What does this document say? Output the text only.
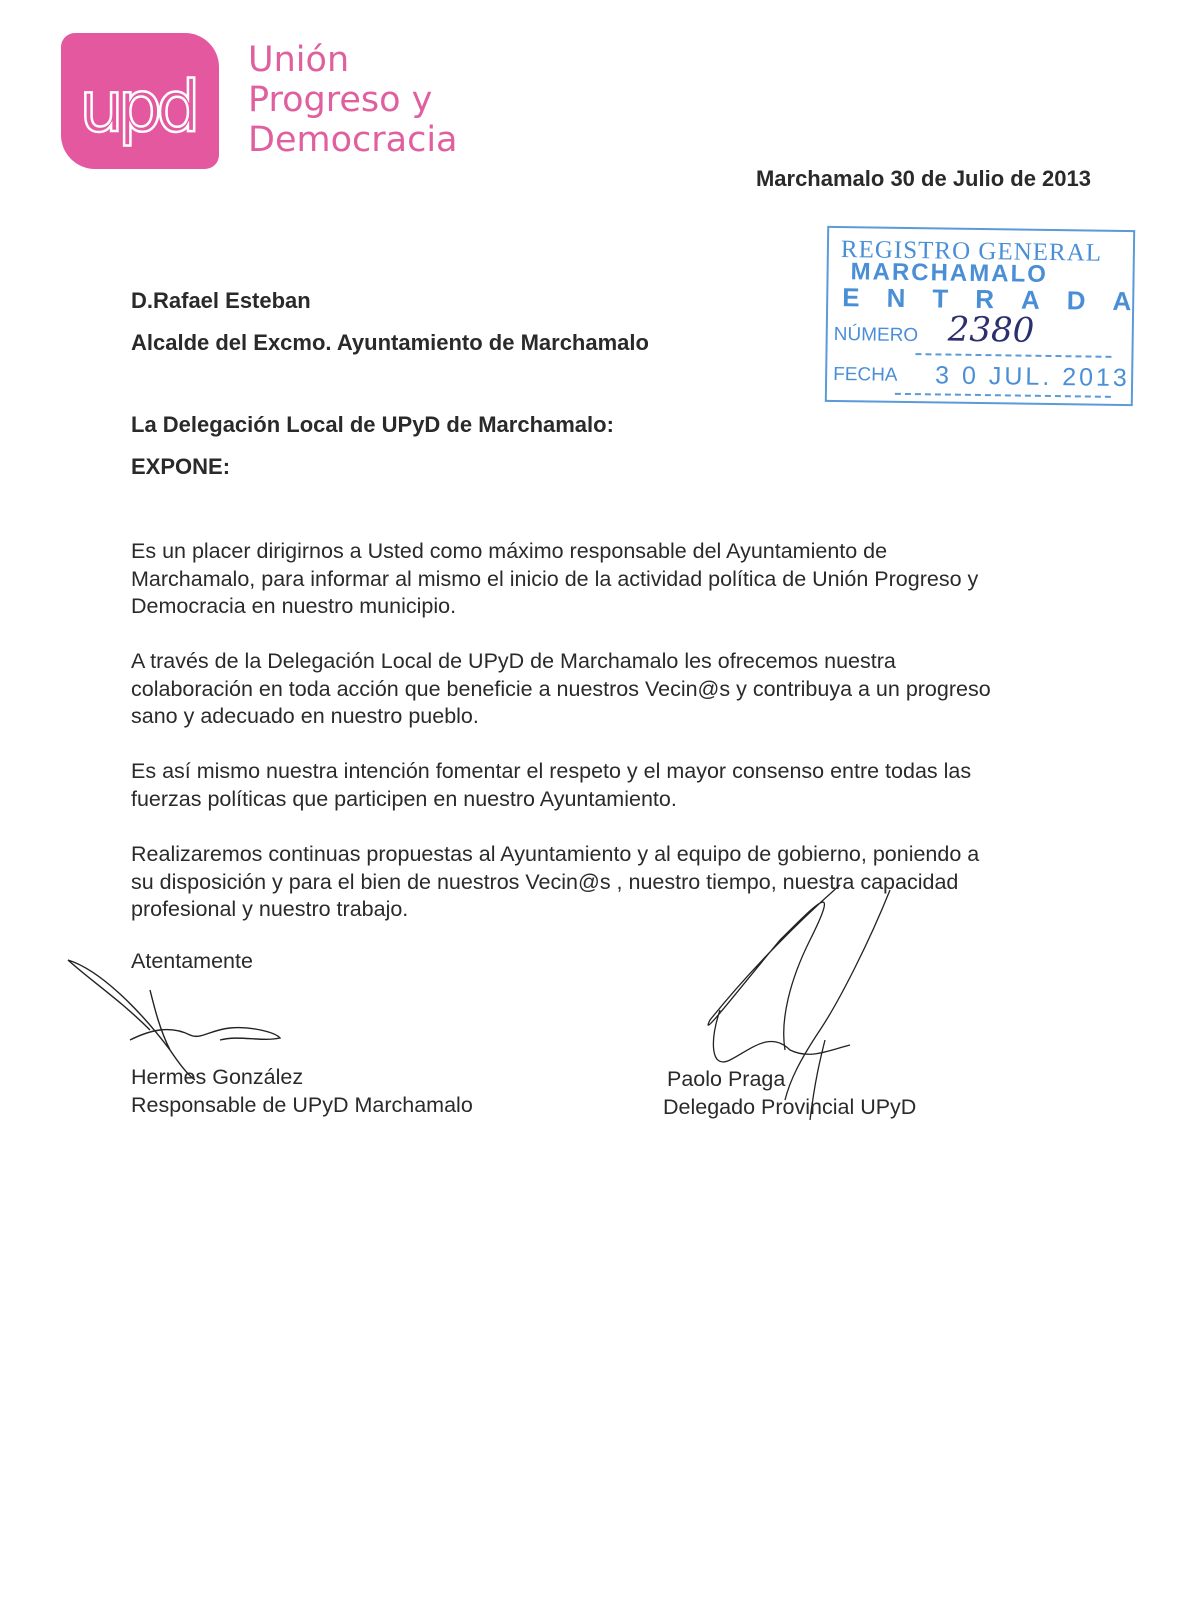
upd
Unión
Progreso y
Democracia
Marchamalo 30 de Julio de 2013
REGISTRO GENERAL
MARCHAMALO
ENTRADA
NÚMERO 2380
FECHA 3 0 JUL. 2013
D.Rafael Esteban
Alcalde del Excmo. Ayuntamiento de Marchamalo
La Delegación Local de UPyD de Marchamalo:
EXPONE:
Es un placer dirigirnos a Usted como máximo responsable del Ayuntamiento de
Marchamalo, para informar al mismo el inicio de la actividad política de Unión Progreso y
Democracia en nuestro municipio.
A través de la Delegación Local de UPyD de Marchamalo les ofrecemos nuestra
colaboración en toda acción que beneficie a nuestros Vecin@s y contribuya a un progreso
sano y adecuado en nuestro pueblo.
Es así mismo nuestra intención fomentar el respeto y el mayor consenso entre todas las
fuerzas políticas que participen en nuestro Ayuntamiento.
Realizaremos continuas propuestas al Ayuntamiento y al equipo de gobierno, poniendo a
su disposición y para el bien de nuestros Vecin@s , nuestro tiempo, nuestra capacidad
profesional y nuestro trabajo.
Atentamente
Hermes González
Responsable de UPyD Marchamalo
Paolo Praga
Delegado Provincial UPyD
